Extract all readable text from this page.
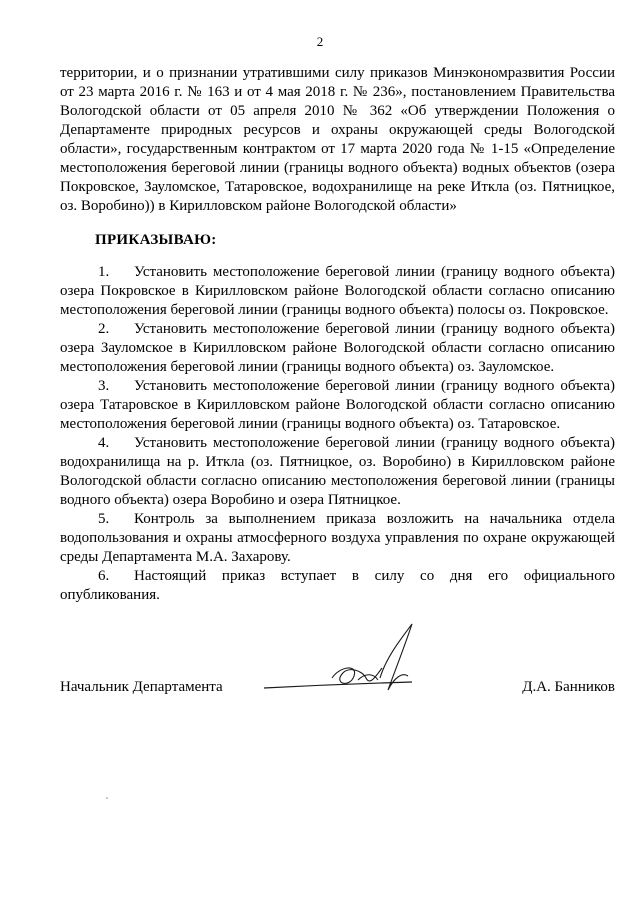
2
территории, и о признании утратившими силу приказов Минэкономразвития России от 23 марта 2016 г. № 163 и от 4 мая 2018 г. № 236», постановлением Правительства Вологодской области от 05 апреля 2010 № 362 «Об утверждении Положения о Департаменте природных ресурсов и охраны окружающей среды Вологодской области», государственным контрактом от 17 марта 2020 года № 1-15 «Определение местоположения береговой линии (границы водного объекта) водных объектов (озера Покровское, Зауломское, Татаровское, водохранилище на реке Иткла (оз. Пятницкое, оз. Воробино)) в Кирилловском районе Вологодской области»
ПРИКАЗЫВАЮ:

1. Установить местоположение береговой линии (границу водного объекта) озера Покровское в Кирилловском районе Вологодской области согласно описанию местоположения береговой линии (границы водного объекта) полосы оз. Покровское.

2. Установить местоположение береговой линии (границу водного объекта) озера Зауломское в Кирилловском районе Вологодской области согласно описанию местоположения береговой линии (границы водного объекта) оз. Зауломское.

3. Установить местоположение береговой линии (границу водного объекта) озера Татаровское в Кирилловском районе Вологодской области согласно описанию местоположения береговой линии (границы водного объекта) оз. Татаровское.

4. Установить местоположение береговой линии (границу водного объекта) водохранилища на р. Иткла (оз. Пятницкое, оз. Воробино) в Кирилловском районе Вологодской области согласно описанию местоположения береговой линии (границы водного объекта) озера Воробино и озера Пятницкое.

5. Контроль за выполнением приказа возложить на начальника отдела водопользования и охраны атмосферного воздуха управления по охране окружающей среды Департамента М.А. Захарову.

6. Настоящий приказ вступает в силу со дня его официального опубликования.

Начальник Департамента	Д.А. Банников
